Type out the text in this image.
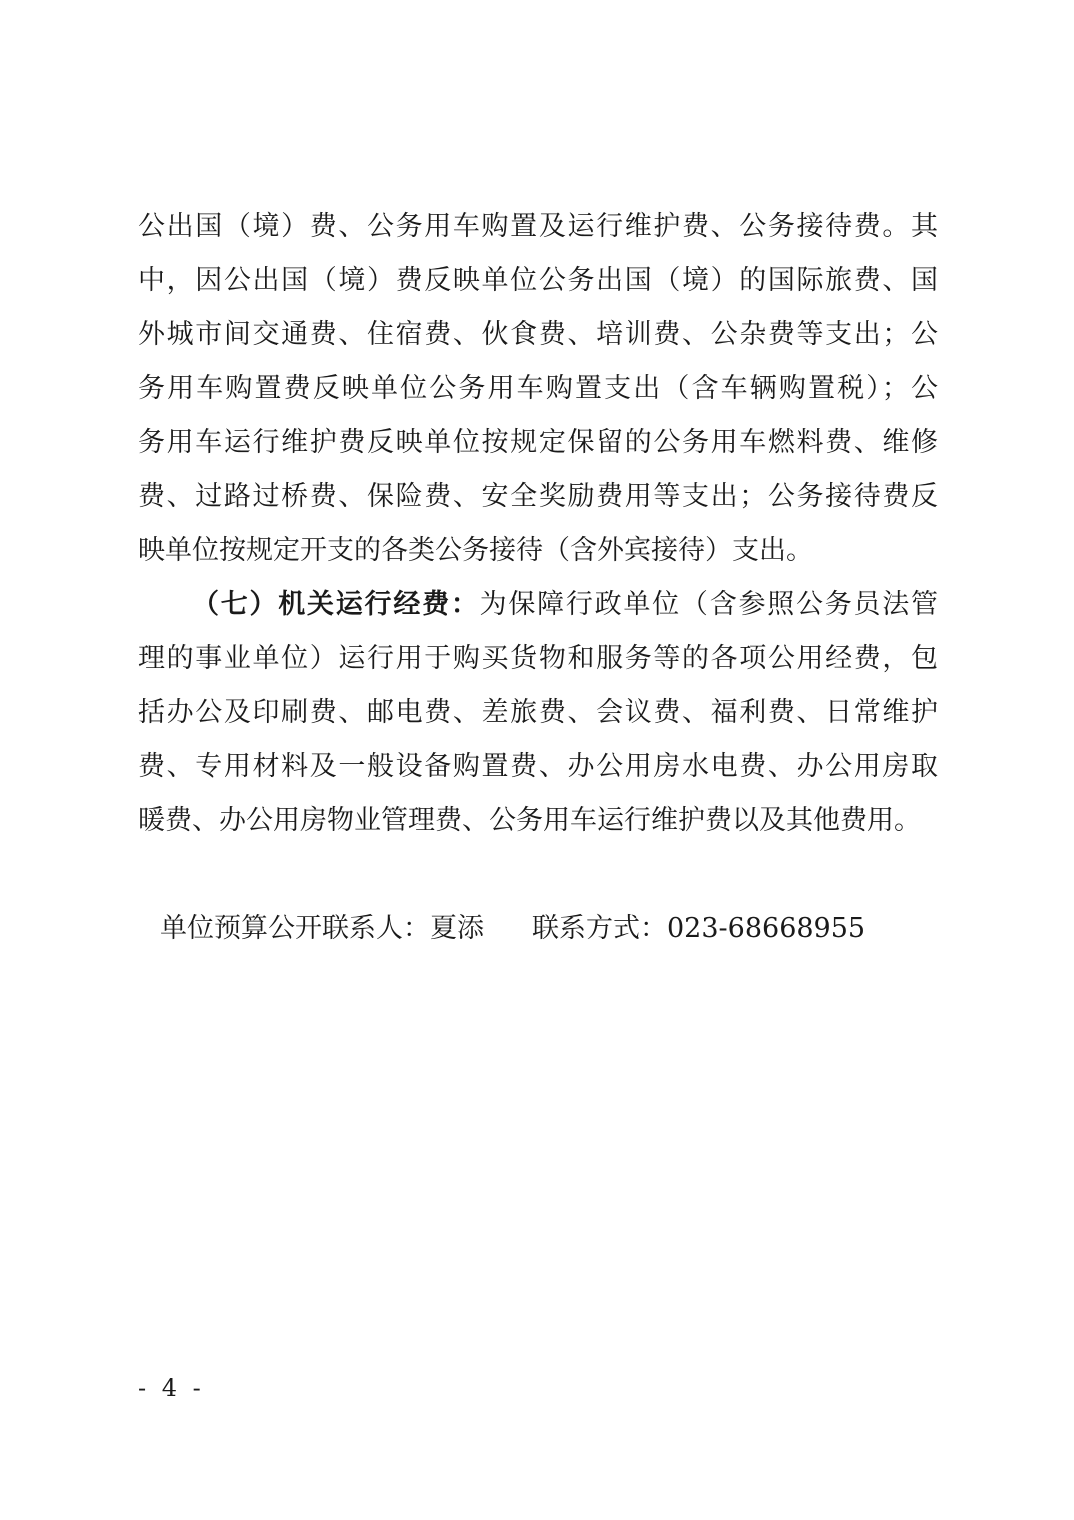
公出国（境）费、公务用车购置及运行维护费、公务接待费。其
中，因公出国（境）费反映单位公务出国（境）的国际旅费、国
外城市间交通费、住宿费、伙食费、培训费、公杂费等支出；公
务用车购置费反映单位公务用车购置支出（含车辆购置税）；公
务用车运行维护费反映单位按规定保留的公务用车燃料费、维修
费、过路过桥费、保险费、安全奖励费用等支出；公务接待费反
映单位按规定开支的各类公务接待（含外宾接待）支出。
（七）机关运行经费：为保障行政单位（含参照公务员法管
理的事业单位）运行用于购买货物和服务等的各项公用经费，包
括办公及印刷费、邮电费、差旅费、会议费、福利费、日常维护
费、专用材料及一般设备购置费、办公用房水电费、办公用房取
暖费、办公用房物业管理费、公务用车运行维护费以及其他费用。
单位预算公开联系人：夏添 联系方式：023-68668955
- 4 -
